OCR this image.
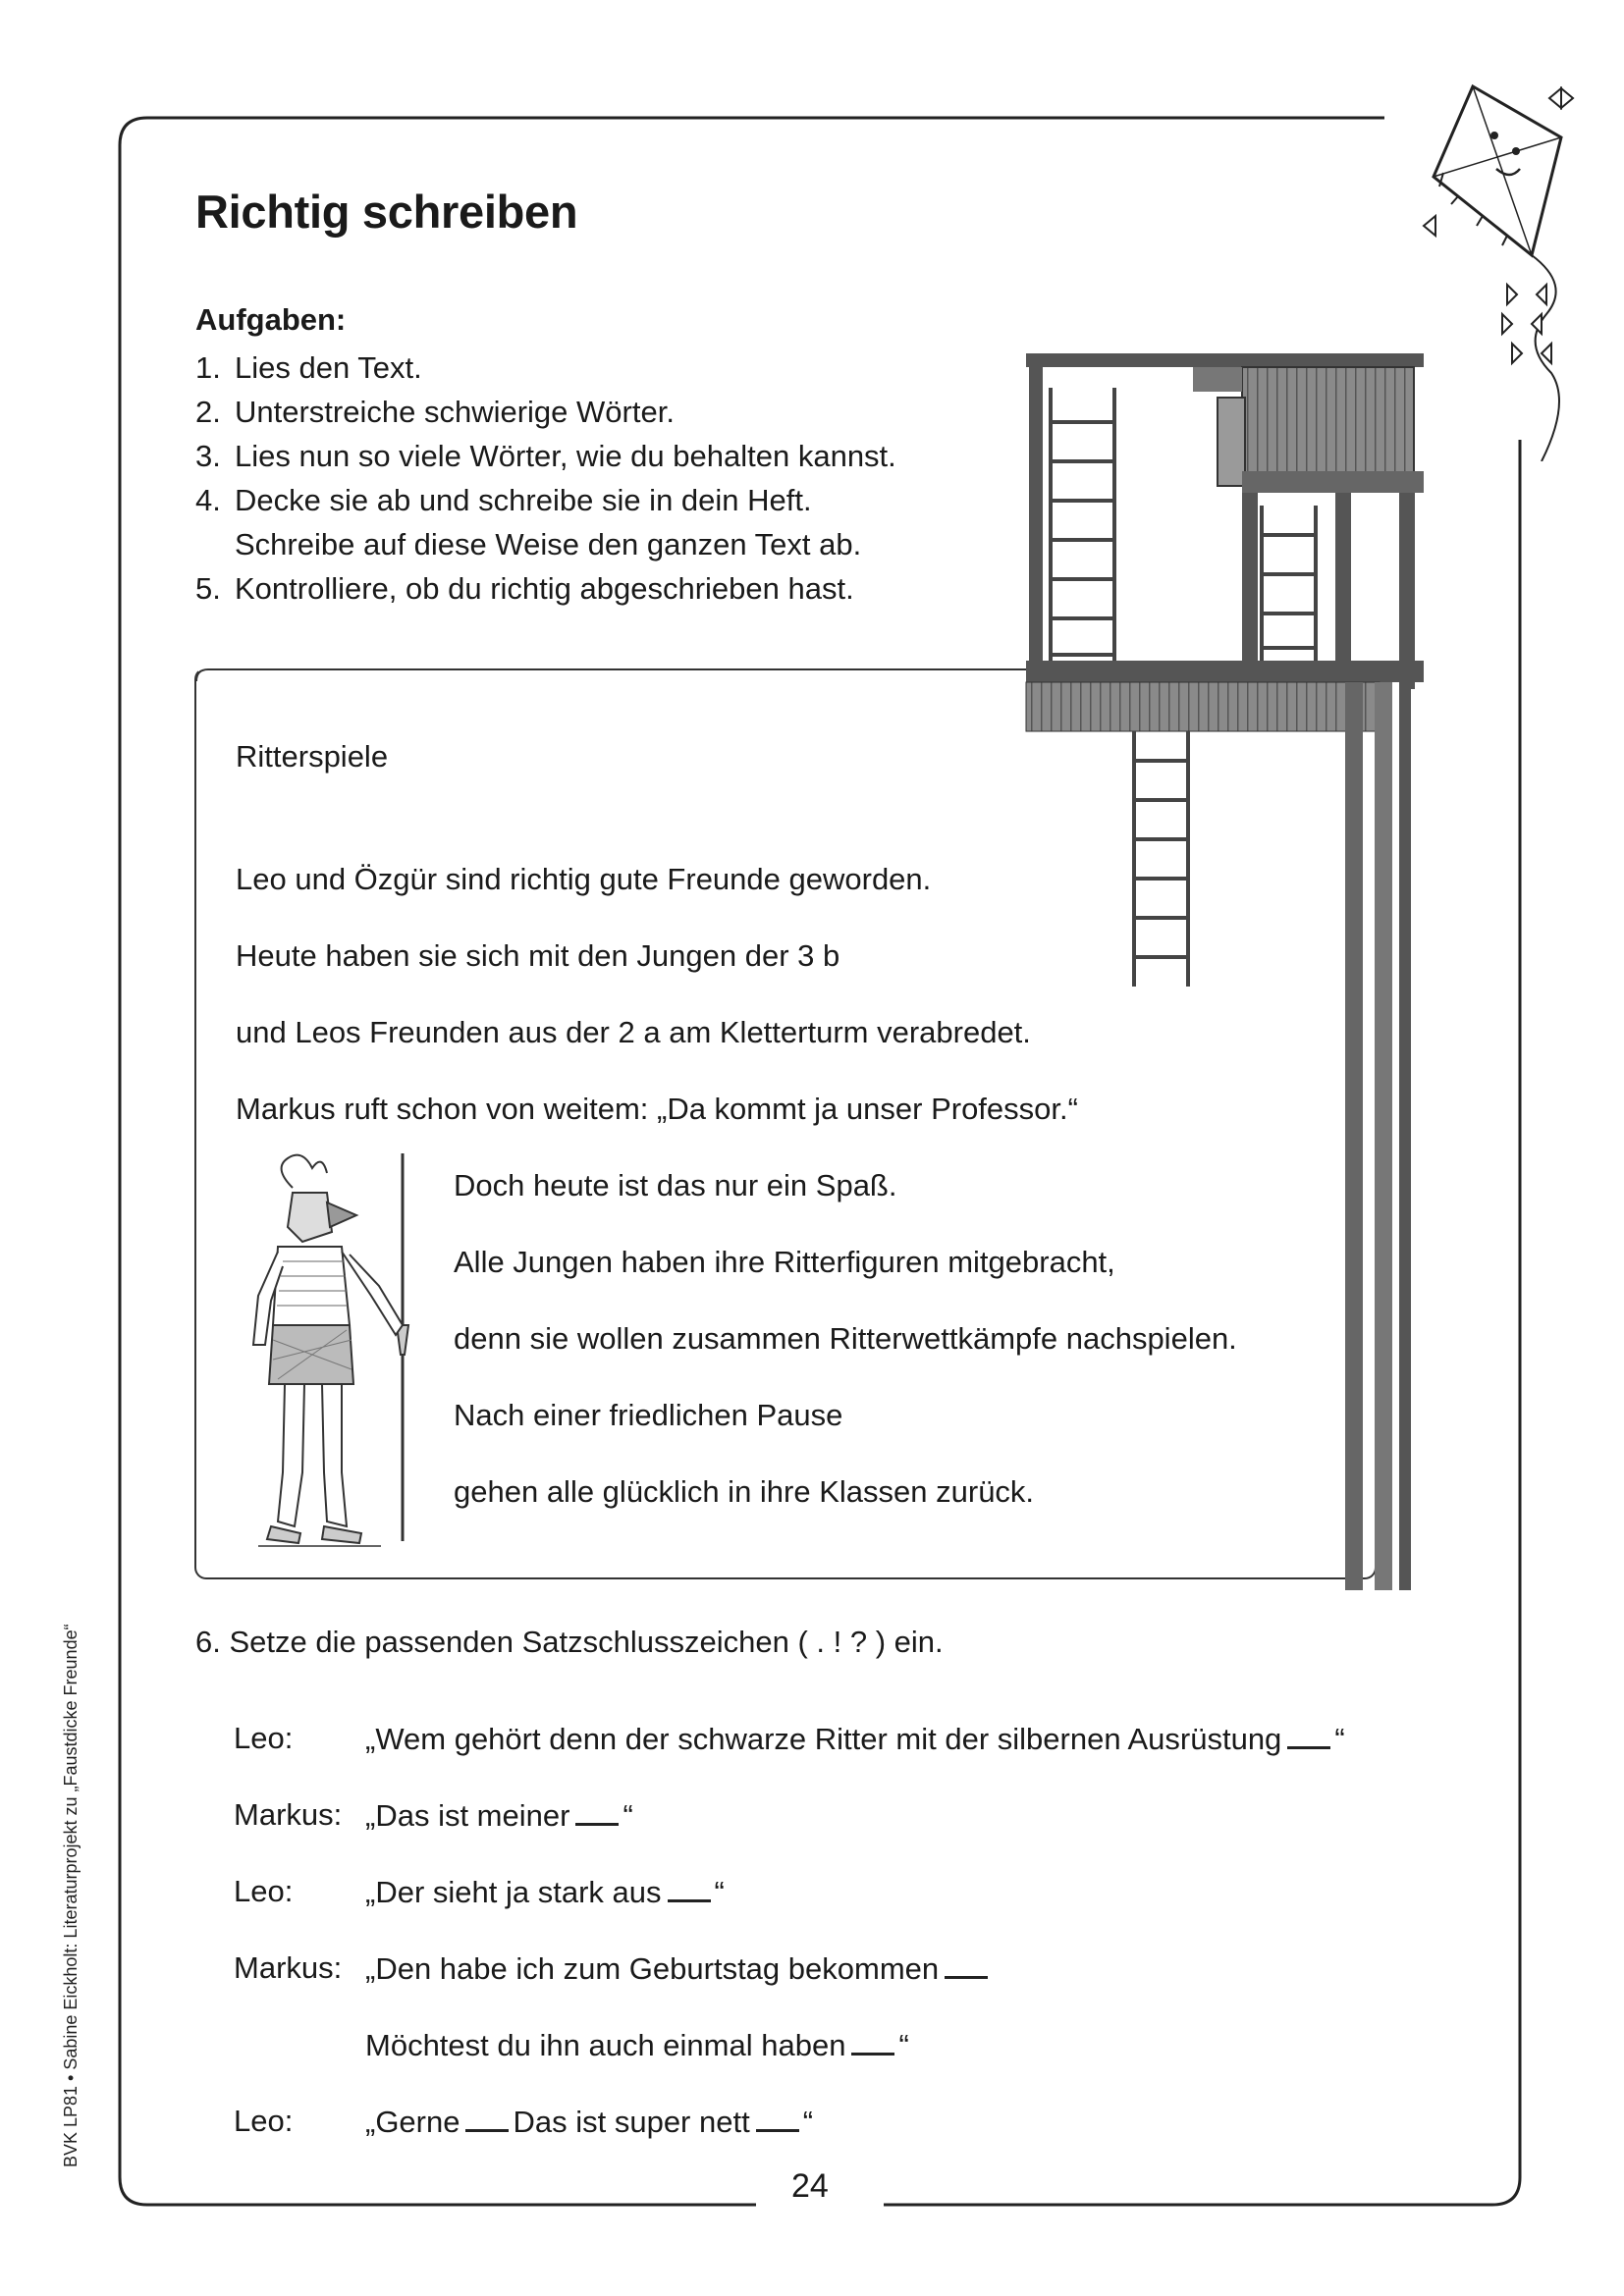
Richtig schreiben
Aufgaben:
1. Lies den Text.
2. Unterstreiche schwierige Wörter.
3. Lies nun so viele Wörter, wie du behalten kannst.
4. Decke sie ab und schreibe sie in dein Heft.
Schreibe auf diese Weise den ganzen Text ab.
5. Kontrolliere, ob du richtig abgeschrieben hast.
Ritterspiele
Leo und Özgür sind richtig gute Freunde geworden.
Heute haben sie sich mit den Jungen der 3 b
und Leos Freunden aus der 2 a am Kletterturm verabredet.
Markus ruft schon von weitem: „Da kommt ja unser Professor.“
Doch heute ist das nur ein Spaß.
Alle Jungen haben ihre Ritterfiguren mitgebracht,
denn sie wollen zusammen Ritterwettkämpfe nachspielen.
Nach einer friedlichen Pause
gehen alle glücklich in ihre Klassen zurück.
6. Setze die passenden Satzschlusszeichen ( . ! ? ) ein.
Leo: „Wem gehört denn der schwarze Ritter mit der silbernen Ausrüstung “
Markus: „Das ist meiner “
Leo: „Der sieht ja stark aus “
Markus: „Den habe ich zum Geburtstag bekommen
Möchtest du ihn auch einmal haben “
Leo: „Gerne Das ist super nett “
24
BVK LP81 • Sabine Eickholt: Literaturprojekt zu „Faustdicke Freunde“
